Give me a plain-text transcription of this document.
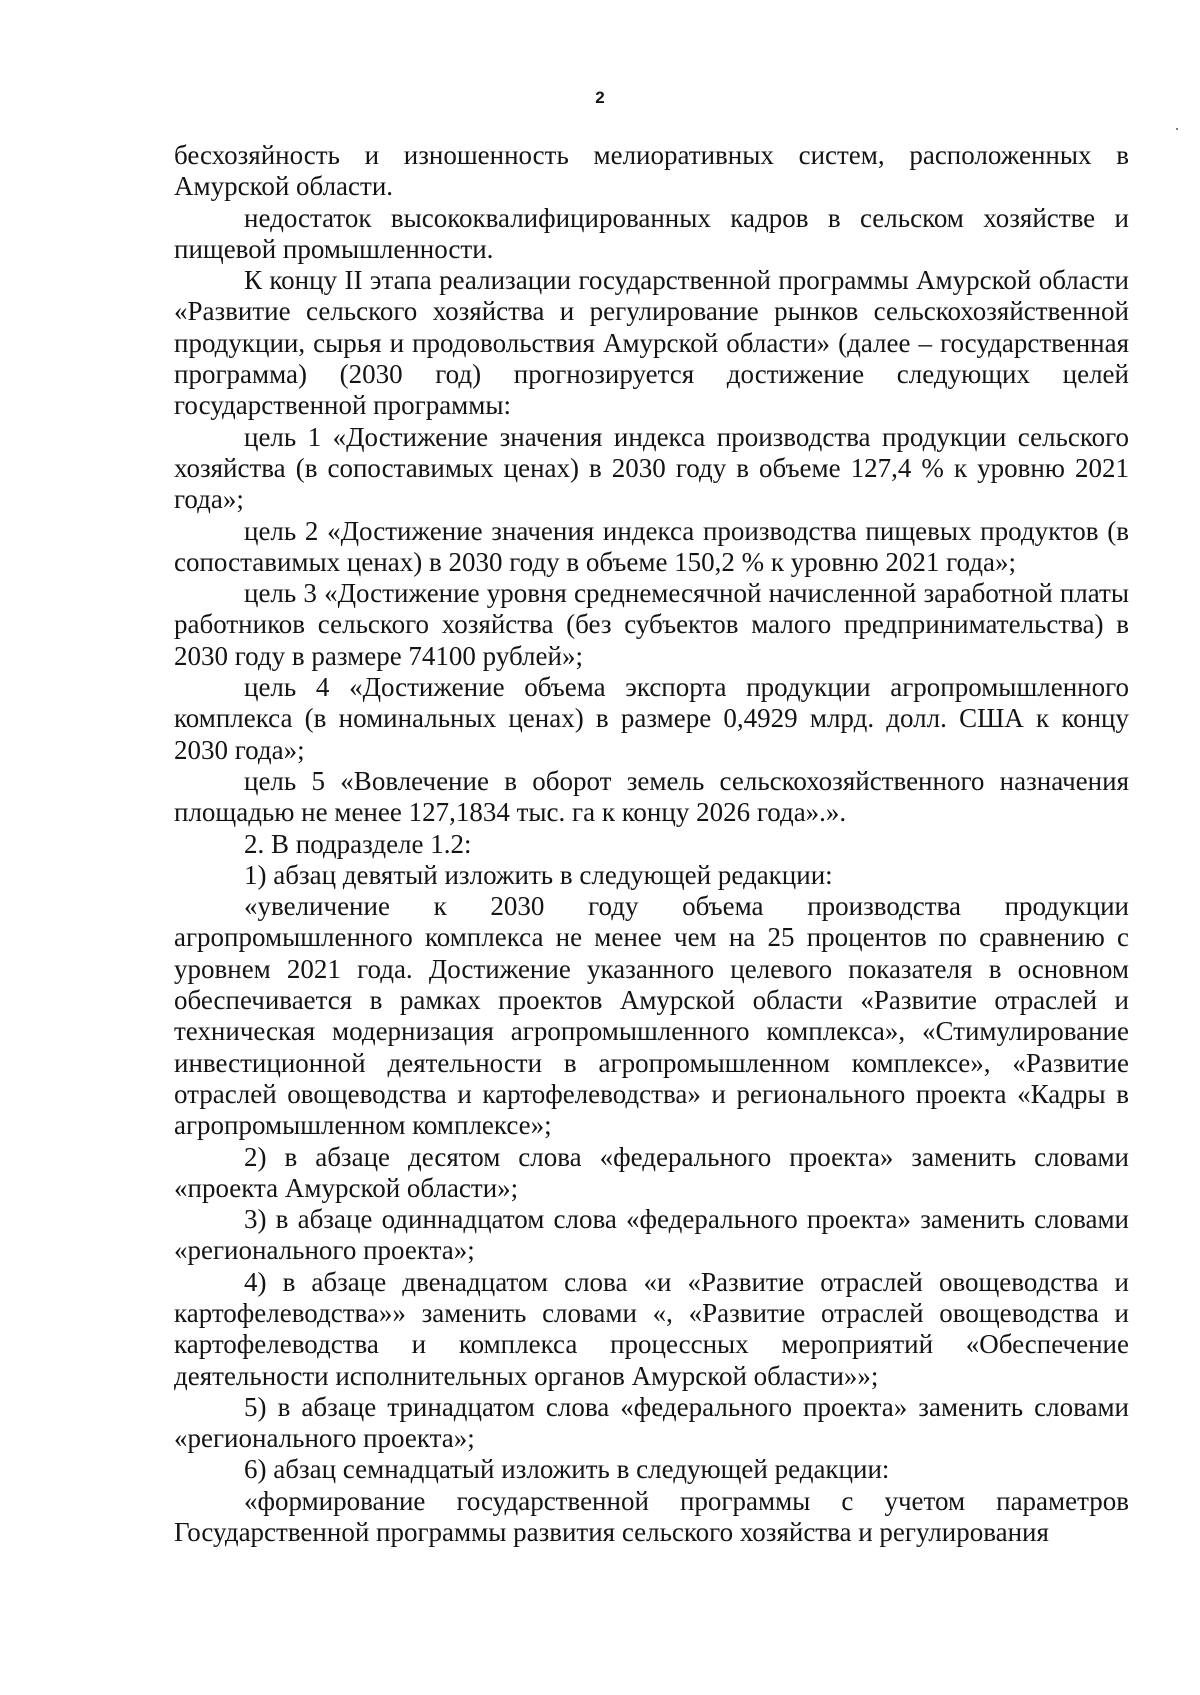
2

бесхозяйность и изношенность мелиоративных систем, расположенных в Амурской области.

недостаток высококвалифицированных кадров в сельском хозяйстве и пищевой промышленности.

К концу II этапа реализации государственной программы Амурской области «Развитие сельского хозяйства и регулирование рынков сельскохозяйственной продукции, сырья и продовольствия Амурской области» (далее – государственная программа) (2030 год) прогнозируется достижение следующих целей государственной программы:

цель 1 «Достижение значения индекса производства продукции сельского хозяйства (в сопоставимых ценах) в 2030 году в объеме 127,4 % к уровню 2021 года»;

цель 2 «Достижение значения индекса производства пищевых продуктов (в сопоставимых ценах) в 2030 году в объеме 150,2 % к уровню 2021 года»;

цель 3 «Достижение уровня среднемесячной начисленной заработной платы работников сельского хозяйства (без субъектов малого предпринимательства) в 2030 году в размере 74100 рублей»;

цель 4 «Достижение объема экспорта продукции агропромышленного комплекса (в номинальных ценах) в размере 0,4929 млрд. долл. США к концу 2030 года»;

цель 5 «Вовлечение в оборот земель сельскохозяйственного назначения площадью не менее 127,1834 тыс. га к концу 2026 года».».

2. В подразделе 1.2:

1) абзац девятый изложить в следующей редакции:

«увеличение к 2030 году объема производства продукции агропромышленного комплекса не менее чем на 25 процентов по сравнению с уровнем 2021 года. Достижение указанного целевого показателя в основном обеспечивается в рамках проектов Амурской области «Развитие отраслей и техническая модернизация агропромышленного комплекса», «Стимулирование инвестиционной деятельности в агропромышленном комплексе», «Развитие отраслей овощеводства и картофелеводства» и регионального проекта «Кадры в агропромышленном комплексе»;

2) в абзаце десятом слова «федерального проекта» заменить словами «проекта Амурской области»;

3) в абзаце одиннадцатом слова «федерального проекта» заменить словами «регионального проекта»;

4) в абзаце двенадцатом слова «и «Развитие отраслей овощеводства и картофелеводства»» заменить словами «, «Развитие отраслей овощеводства и картофелеводства и комплекса процессных мероприятий «Обеспечение деятельности исполнительных органов Амурской области»»;

5) в абзаце тринадцатом слова «федерального проекта» заменить словами «регионального проекта»;

6) абзац семнадцатый изложить в следующей редакции:

«формирование государственной программы с учетом параметров Государственной программы развития сельского хозяйства и регулирования
